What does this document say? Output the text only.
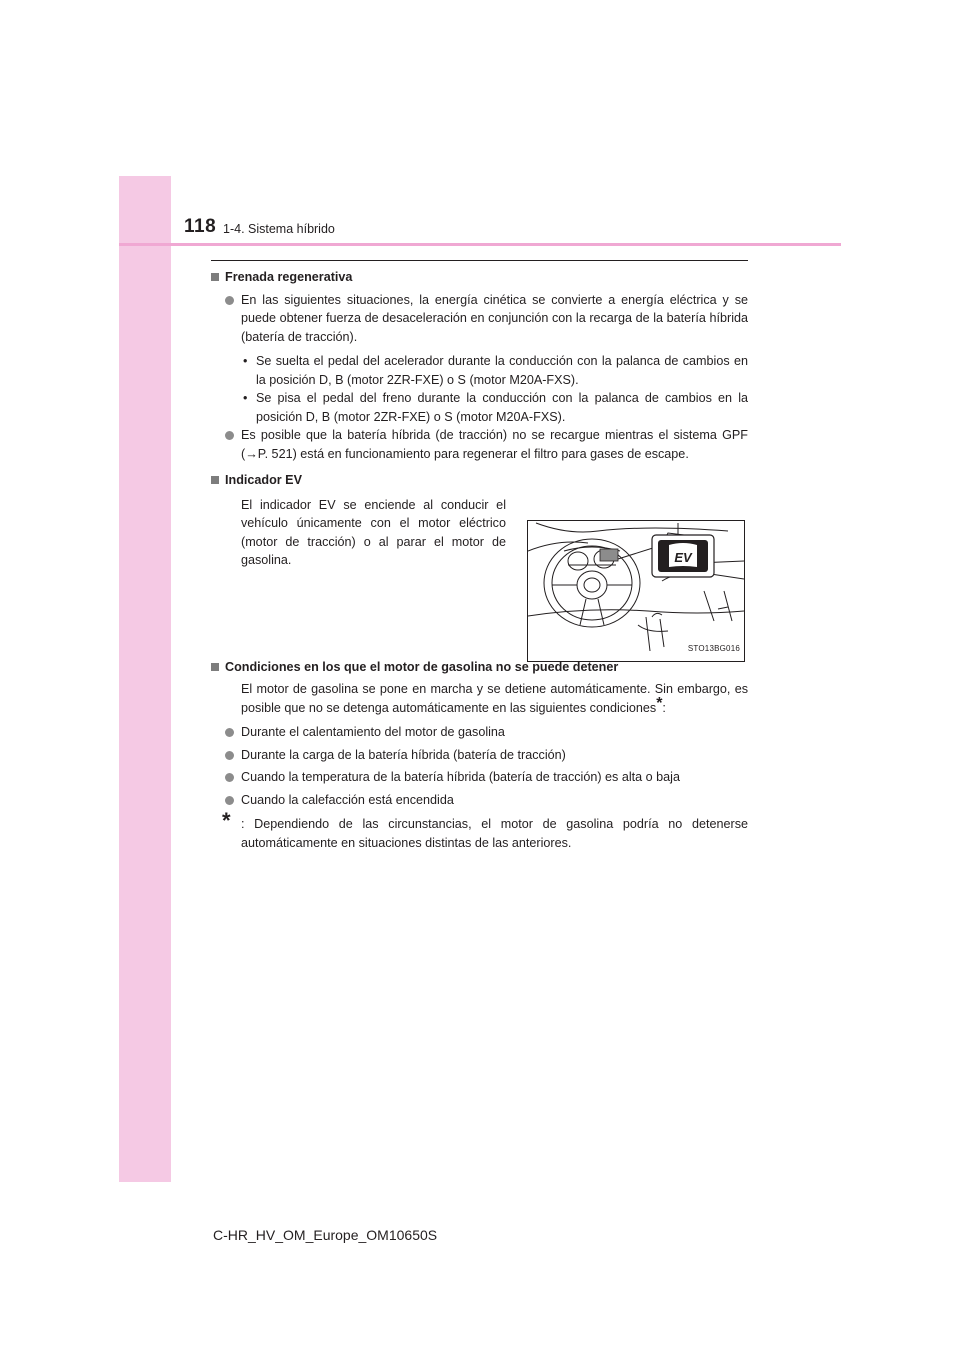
118 1-4. Sistema híbrido
Frenada regenerativa
En las siguientes situaciones, la energía cinética se convierte a energía eléctrica y se puede obtener fuerza de desaceleración en conjunción con la recarga de la batería híbrida (batería de tracción).
• Se suelta el pedal del acelerador durante la conducción con la palanca de cambios en la posición D, B (motor 2ZR-FXE) o S (motor M20A-FXS).
• Se pisa el pedal del freno durante la conducción con la palanca de cambios en la posición D, B (motor 2ZR-FXE) o S (motor M20A-FXS).
Es posible que la batería híbrida (de tracción) no se recargue mientras el sistema GPF (→P. 521) está en funcionamiento para regenerar el filtro para gases de escape.
Indicador EV
El indicador EV se enciende al conducir el vehículo únicamente con el motor eléctrico (motor de tracción) o al parar el motor de gasolina.	EV
STO13BG016
Condiciones en los que el motor de gasolina no se puede detener
El motor de gasolina se pone en marcha y se detiene automáticamente. Sin embargo, es posible que no se detenga automáticamente en las siguientes condiciones*:
Durante el calentamiento del motor de gasolina
Durante la carga de la batería híbrida (batería de tracción)
Cuando la temperatura de la batería híbrida (batería de tracción) es alta o baja
Cuando la calefacción está encendida
* : Dependiendo de las circunstancias, el motor de gasolina podría no detenerse automáticamente en situaciones distintas de las anteriores.
C-HR_HV_OM_Europe_OM10650S
